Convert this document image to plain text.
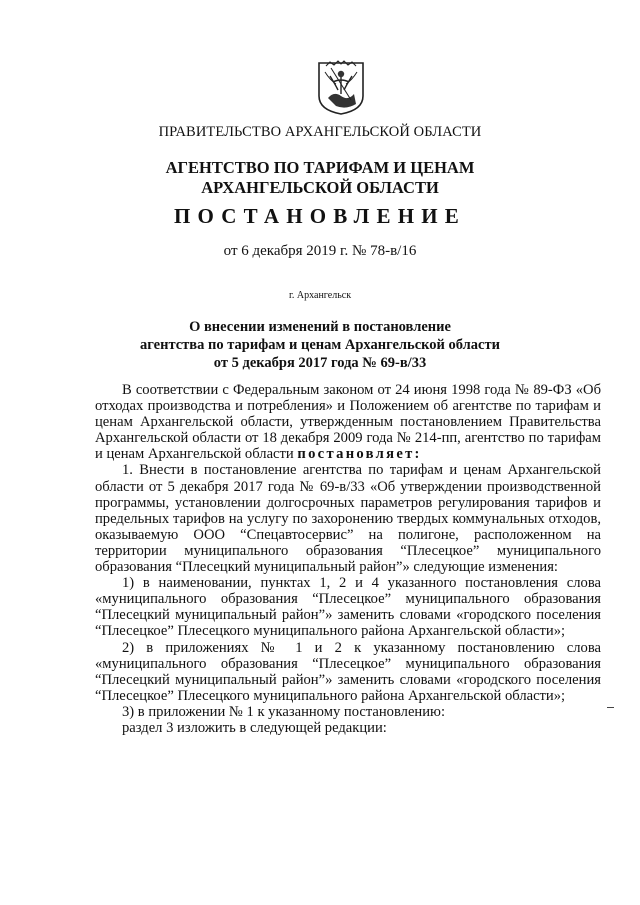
ПРАВИТЕЛЬСТВО АРХАНГЕЛЬСКОЙ ОБЛАСТИ
АГЕНТСТВО ПО ТАРИФАМ И ЦЕНАМ
АРХАНГЕЛЬСКОЙ ОБЛАСТИ
ПОСТАНОВЛЕНИЕ
от 6 декабря 2019 г. № 78-в/16
г. Архангельск
О внесении изменений в постановление
агентства по тарифам и ценам Архангельской области
от 5 декабря 2017 года № 69-в/33

В соответствии с Федеральным законом от 24 июня 1998 года № 89-ФЗ «Об отходах производства и потребления» и Положением об агентстве по тарифам и ценам Архангельской области, утвержденным постановлением Правительства Архангельской области от 18 декабря 2009 года № 214-пп, агентство по тарифам и ценам Архангельской области постановляет:

1. Внести в постановление агентства по тарифам и ценам Архангельской области от 5 декабря 2017 года № 69-в/33 «Об утверждении производственной программы, установлении долгосрочных параметров регулирования тарифов и предельных тарифов на услугу по захоронению твердых коммунальных отходов, оказываемую ООО “Спецавтосервис” на полигоне, расположенном на территории муниципального образования “Плесецкое” муниципального образования “Плесецкий муниципальный район”» следующие изменения:

1) в наименовании, пунктах 1, 2 и 4 указанного постановления слова «муниципального образования “Плесецкое” муниципального образования “Плесецкий муниципальный район”» заменить словами «городского поселения “Плесецкое” Плесецкого муниципального района Архангельской области»;

2) в приложениях № 1 и 2 к указанному постановлению слова «муниципального образования “Плесецкое” муниципального образования “Плесецкий муниципальный район”» заменить словами «городского поселения “Плесецкое” Плесецкого муниципального района Архангельской области»;

3) в приложении № 1 к указанному постановлению:

раздел 3 изложить в следующей редакции:
